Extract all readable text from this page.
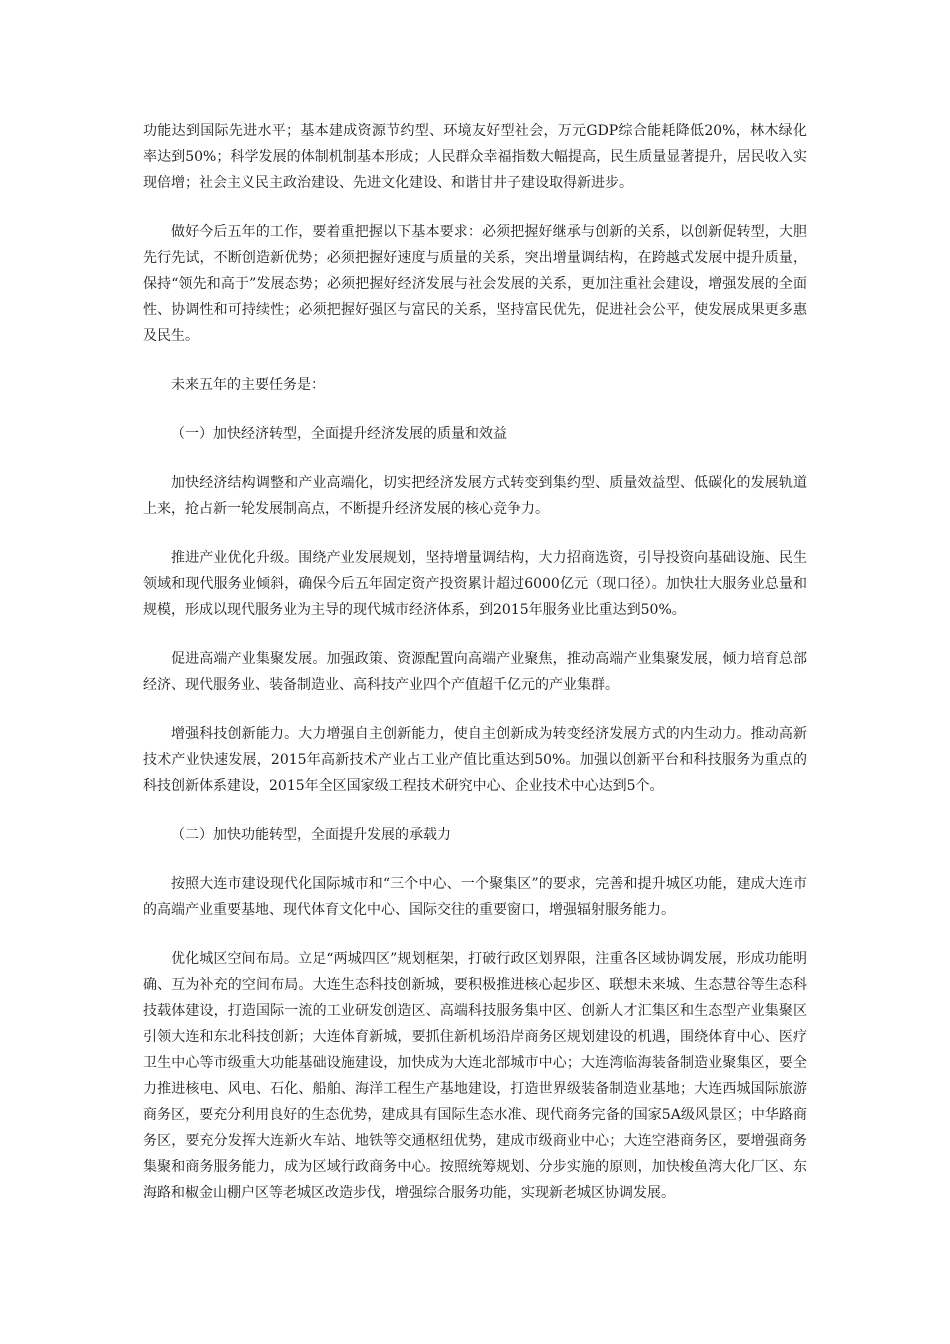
功能达到国际先进水平；基本建成资源节约型、环境友好型社会，万元GDP综合能耗降低20%，林木绿化率达到50%；科学发展的体制机制基本形成；人民群众幸福指数大幅提高，民生质量显著提升，居民收入实现倍增；社会主义民主政治建设、先进文化建设、和谐甘井子建设取得新进步。

做好今后五年的工作，要着重把握以下基本要求：必须把握好继承与创新的关系，以创新促转型，大胆先行先试，不断创造新优势；必须把握好速度与质量的关系，突出增量调结构，在跨越式发展中提升质量，保持“领先和高于”发展态势；必须把握好经济发展与社会发展的关系，更加注重社会建设，增强发展的全面性、协调性和可持续性；必须把握好强区与富民的关系，坚持富民优先，促进社会公平，使发展成果更多惠及民生。

未来五年的主要任务是：

（一）加快经济转型，全面提升经济发展的质量和效益

加快经济结构调整和产业高端化，切实把经济发展方式转变到集约型、质量效益型、低碳化的发展轨道上来，抢占新一轮发展制高点，不断提升经济发展的核心竞争力。

推进产业优化升级。围绕产业发展规划，坚持增量调结构，大力招商选资，引导投资向基础设施、民生领域和现代服务业倾斜，确保今后五年固定资产投资累计超过6000亿元（现口径）。加快壮大服务业总量和规模，形成以现代服务业为主导的现代城市经济体系，到2015年服务业比重达到50%。

促进高端产业集聚发展。加强政策、资源配置向高端产业聚焦，推动高端产业集聚发展，倾力培育总部经济、现代服务业、装备制造业、高科技产业四个产值超千亿元的产业集群。

增强科技创新能力。大力增强自主创新能力，使自主创新成为转变经济发展方式的内生动力。推动高新技术产业快速发展，2015年高新技术产业占工业产值比重达到50%。加强以创新平台和科技服务为重点的科技创新体系建设，2015年全区国家级工程技术研究中心、企业技术中心达到5个。

（二）加快功能转型，全面提升发展的承载力

按照大连市建设现代化国际城市和“三个中心、一个聚集区”的要求，完善和提升城区功能，建成大连市的高端产业重要基地、现代体育文化中心、国际交往的重要窗口，增强辐射服务能力。

优化城区空间布局。立足“两城四区”规划框架，打破行政区划界限，注重各区域协调发展，形成功能明确、互为补充的空间布局。大连生态科技创新城，要积极推进核心起步区、联想未来城、生态慧谷等生态科技载体建设，打造国际一流的工业研发创造区、高端科技服务集中区、创新人才汇集区和生态型产业集聚区引领大连和东北科技创新；大连体育新城，要抓住新机场沿岸商务区规划建设的机遇，围绕体育中心、医疗卫生中心等市级重大功能基础设施建设，加快成为大连北部城市中心；大连湾临海装备制造业聚集区，要全力推进核电、风电、石化、船舶、海洋工程生产基地建设，打造世界级装备制造业基地；大连西城国际旅游商务区，要充分利用良好的生态优势，建成具有国际生态水准、现代商务完备的国家5A级风景区；中华路商务区，要充分发挥大连新火车站、地铁等交通枢纽优势，建成市级商业中心；大连空港商务区，要增强商务集聚和商务服务能力，成为区域行政商务中心。按照统筹规划、分步实施的原则，加快梭鱼湾大化厂区、东海路和椒金山棚户区等老城区改造步伐，增强综合服务功能，实现新老城区协调发展。
